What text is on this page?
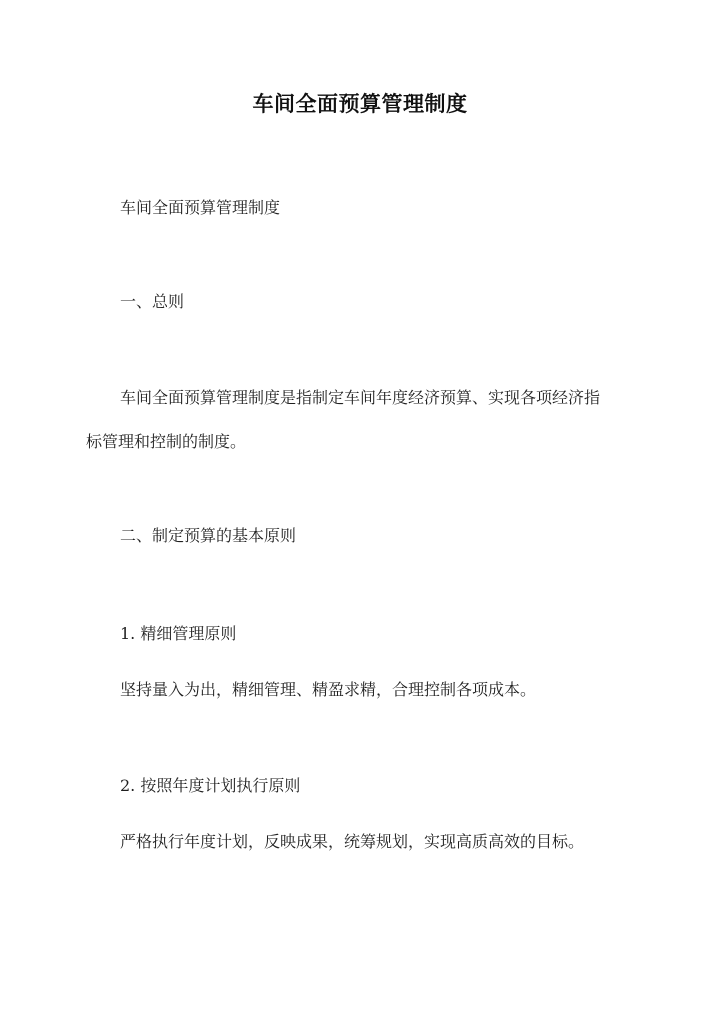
车间全面预算管理制度
车间全面预算管理制度
一、总则
车间全面预算管理制度是指制定车间年度经济预算、实现各项经济指
标管理和控制的制度。
二、制定预算的基本原则
1. 精细管理原则
坚持量入为出，精细管理、精盈求精，合理控制各项成本。
2. 按照年度计划执行原则
严格执行年度计划，反映成果，统筹规划，实现高质高效的目标。
